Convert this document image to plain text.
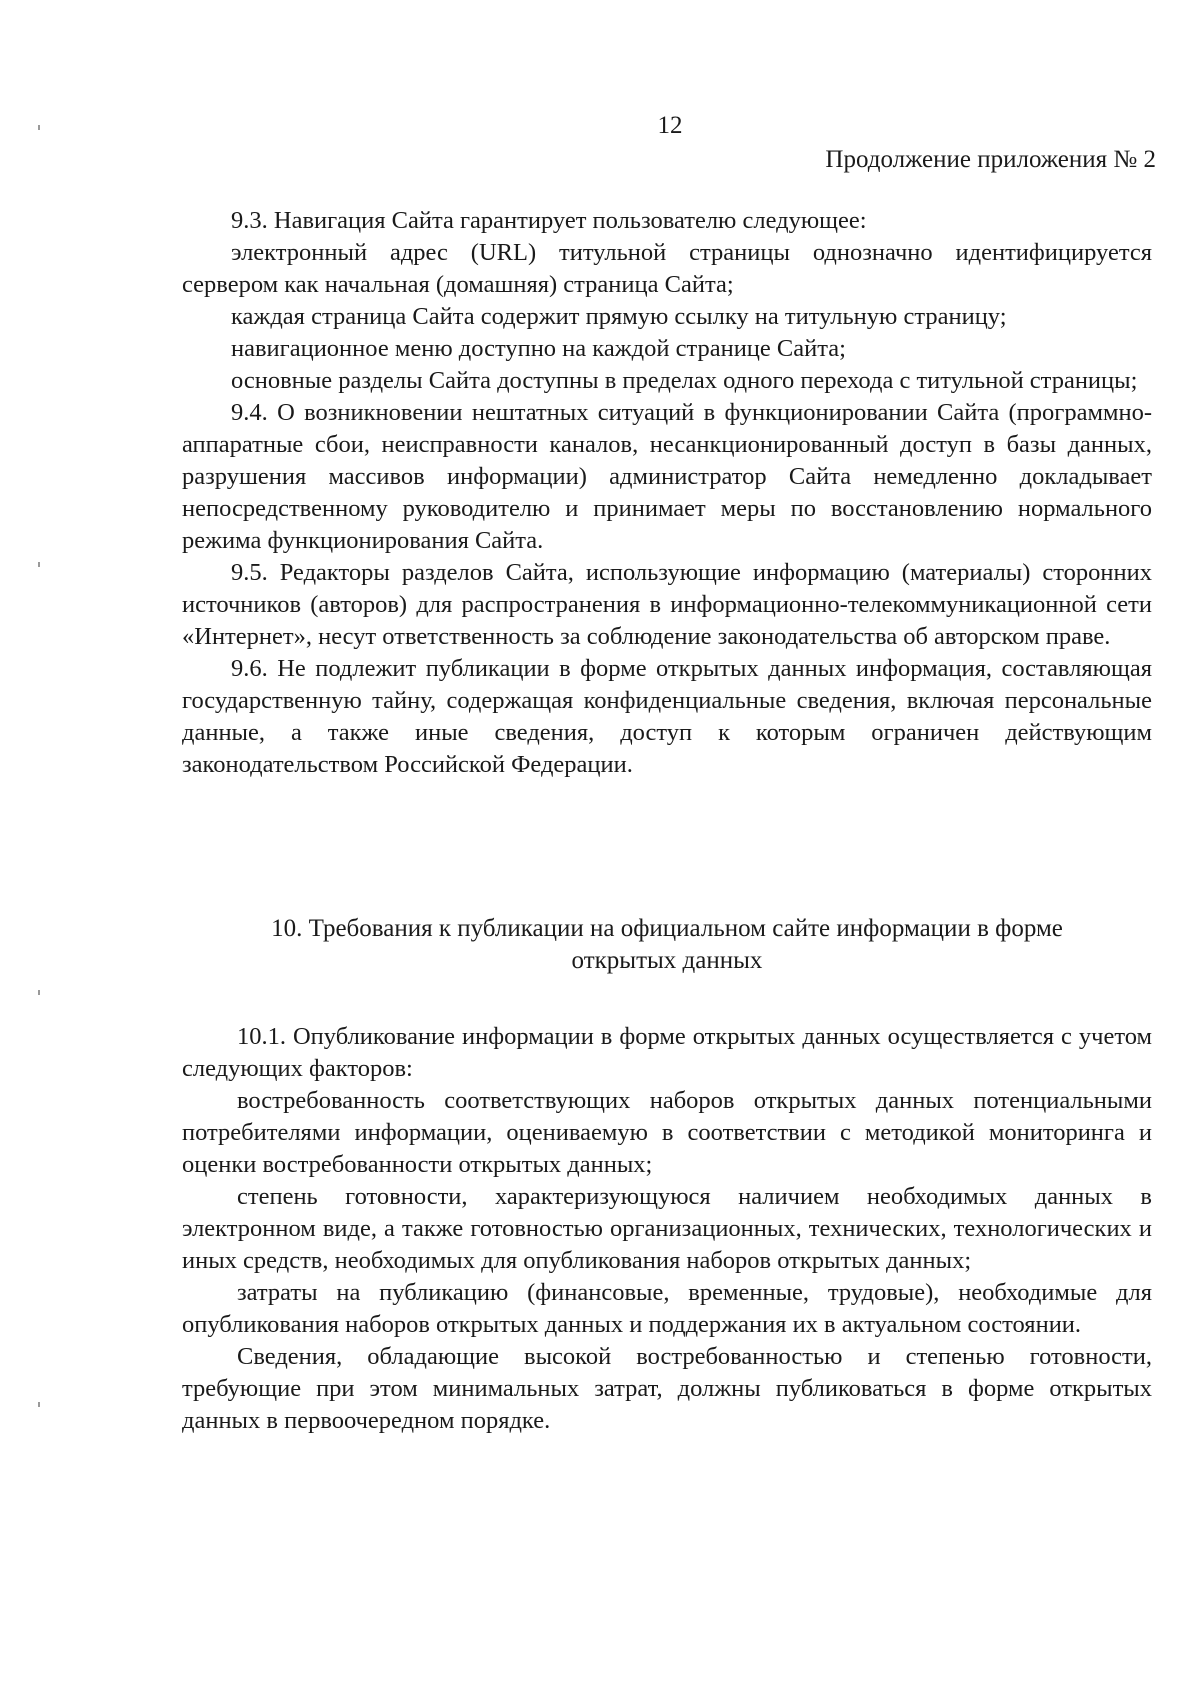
12
Продолжение приложения № 2

9.3. Навигация Сайта гарантирует пользователю следующее:

электронный адрес (URL) титульной страницы однозначно идентифицируется сервером как начальная (домашняя) страница Сайта;

каждая страница Сайта содержит прямую ссылку на титульную страницу;

навигационное меню доступно на каждой странице Сайта;

основные разделы Сайта доступны в пределах одного перехода с титульной страницы;

9.4. О возникновении нештатных ситуаций в функционировании Сайта (программно-аппаратные сбои, неисправности каналов, несанкционированный доступ в базы данных, разрушения массивов информации) администратор Сайта немедленно докладывает непосредственному руководителю и принимает меры по восстановлению нормального режима функционирования Сайта.

9.5. Редакторы разделов Сайта, использующие информацию (материалы) сторонних источников (авторов) для распространения в информационно-телекоммуникационной сети «Интернет», несут ответственность за соблюдение законодательства об авторском праве.

9.6. Не подлежит публикации в форме открытых данных информация, составляющая государственную тайну, содержащая конфиденциальные сведения, включая персональные данные, а также иные сведения, доступ к которым ограничен действующим законодательством Российской Федерации.

10. Требования к публикации на официальном сайте информации в форме
открытых данных

10.1. Опубликование информации в форме открытых данных осуществляется с учетом следующих факторов:

востребованность соответствующих наборов открытых данных потенциальными потребителями информации, оцениваемую в соответствии с методикой мониторинга и оценки востребованности открытых данных;

степень готовности, характеризующуюся наличием необходимых данных в электронном виде, а также готовностью организационных, технических, технологических и иных средств, необходимых для опубликования наборов открытых данных;

затраты на публикацию (финансовые, временные, трудовые), необходимые для опубликования наборов открытых данных и поддержания их в актуальном состоянии.

Сведения, обладающие высокой востребованностью и степенью готовности, требующие при этом минимальных затрат, должны публиковаться в форме открытых данных в первоочередном порядке.
